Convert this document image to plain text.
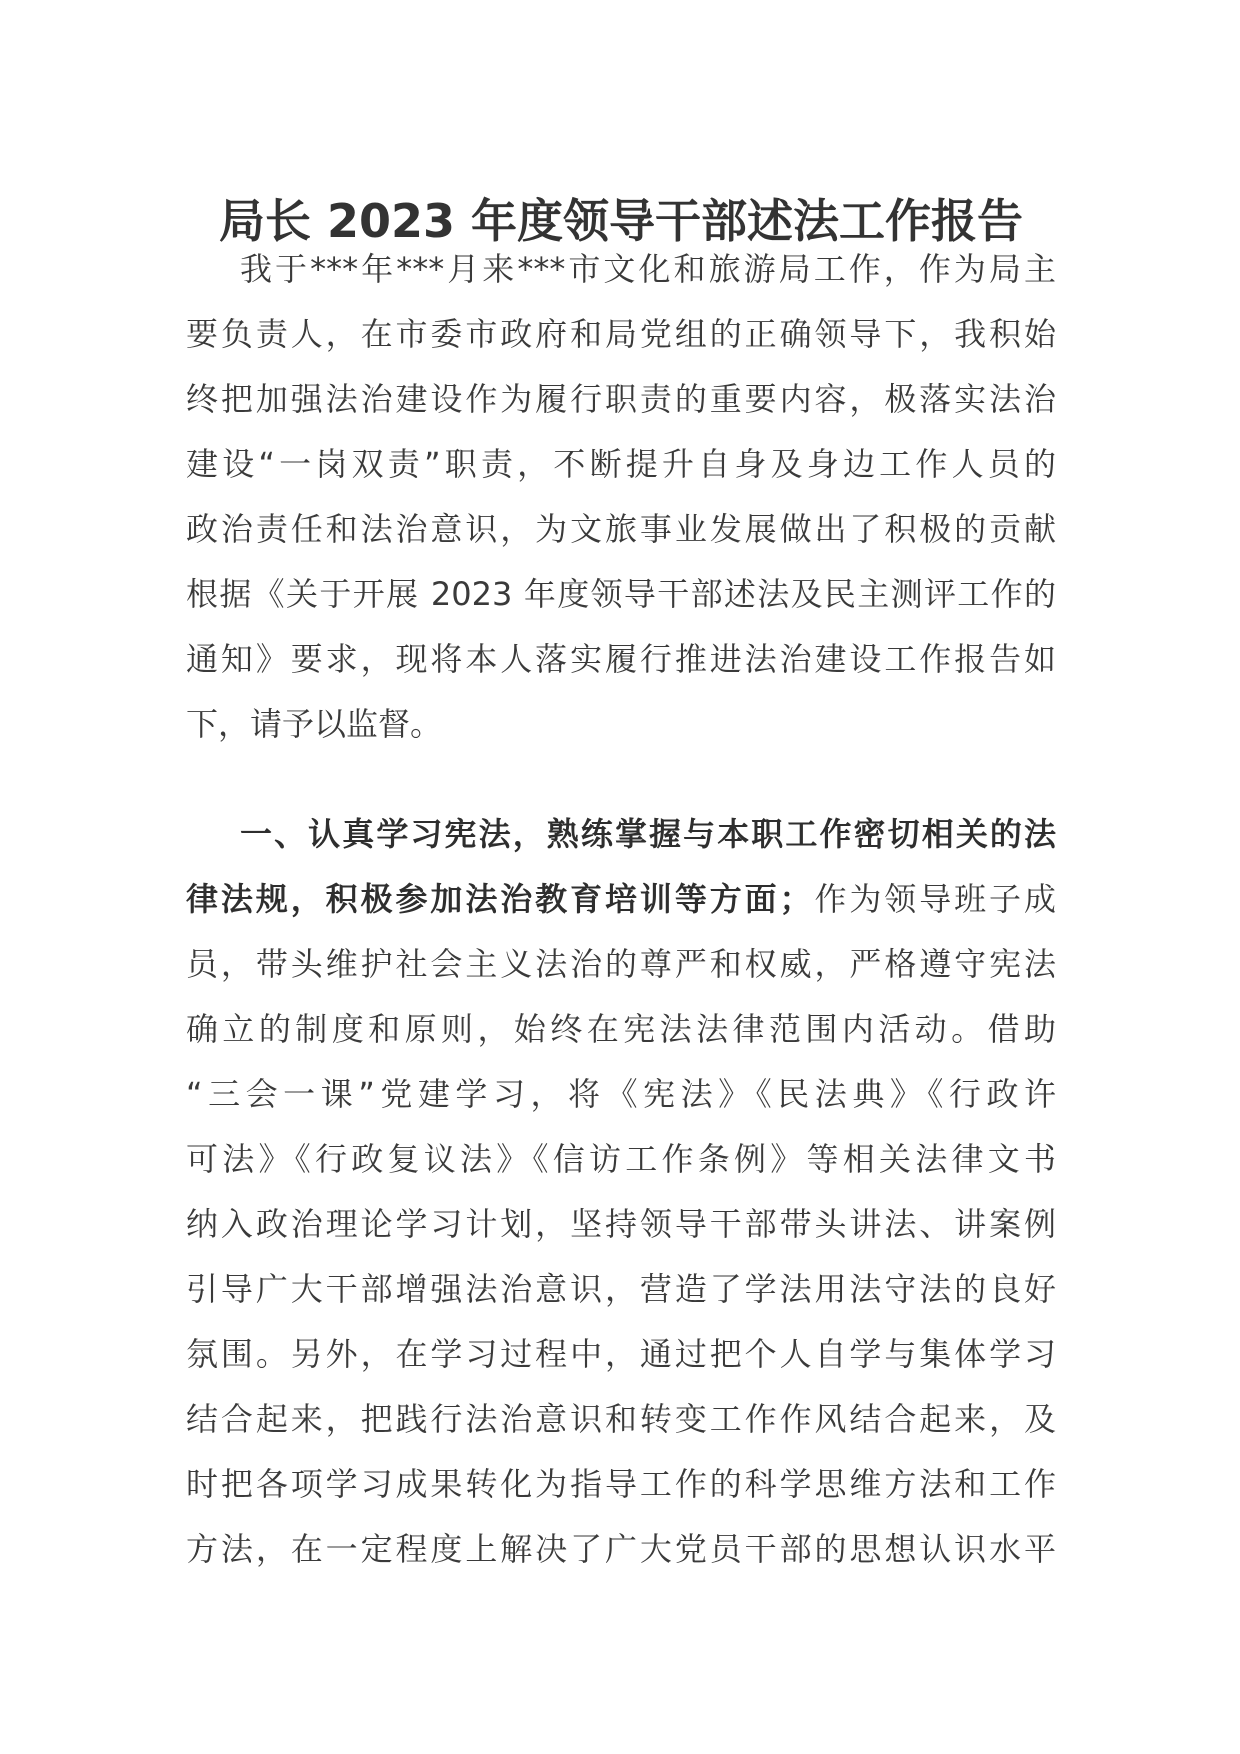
局长 2023 年度领导干部述法工作报告
我于***年***月来***市文化和旅游局工作，作为局主
要负责人，在市委市政府和局党组的正确领导下，我积始
终把加强法治建设作为履行职责的重要内容，极落实法治
建设“一岗双责”职责，不断提升自身及身边工作人员的
政治责任和法治意识，为文旅事业发展做出了积极的贡献
根据《关于开展 2023 年度领导干部述法及民主测评工作的
通知》要求，现将本人落实履行推进法治建设工作报告如
下，请予以监督。
一、认真学习宪法，熟练掌握与本职工作密切相关的法
律法规，积极参加法治教育培训等方面；作为领导班子成
员，带头维护社会主义法治的尊严和权威，严格遵守宪法
确立的制度和原则，始终在宪法法律范围内活动。借助
“三会一课”党建学习，将《宪法》《民法典》《行政许
可法》《行政复议法》《信访工作条例》等相关法律文书
纳入政治理论学习计划，坚持领导干部带头讲法、讲案例
引导广大干部增强法治意识，营造了学法用法守法的良好
氛围。另外，在学习过程中，通过把个人自学与集体学习
结合起来，把践行法治意识和转变工作作风结合起来，及
时把各项学习成果转化为指导工作的科学思维方法和工作
方法，在一定程度上解决了广大党员干部的思想认识水平
